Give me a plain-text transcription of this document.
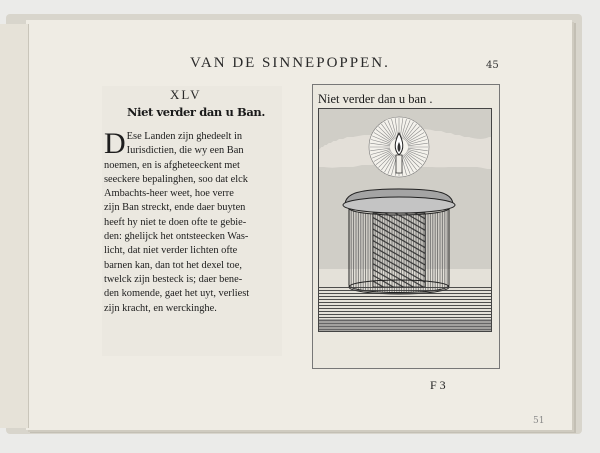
VAN DE SINNEPOPPEN.	45
XLV
Niet verder dan u Ban.
D Ese Landen zijn ghedeelt in
Iurisdictien, die wy een Ban
noemen, en is afgheteeckent met
seeckere bepalinghen, soo dat elck
Ambachts-heer weet, hoe verre
zijn Ban streckt, ende daer buyten
heeft hy niet te doen ofte te gebie-
den: ghelijck het ontsteecken Was-
licht, dat niet verder lichten ofte
barnen kan, dan tot het dexel toe,
twelck zijn besteck is; daer bene-
den komende, gaet het uyt, verliest
zijn kracht, en werckinghe.
Niet verder dan u ban .
F 3
51
